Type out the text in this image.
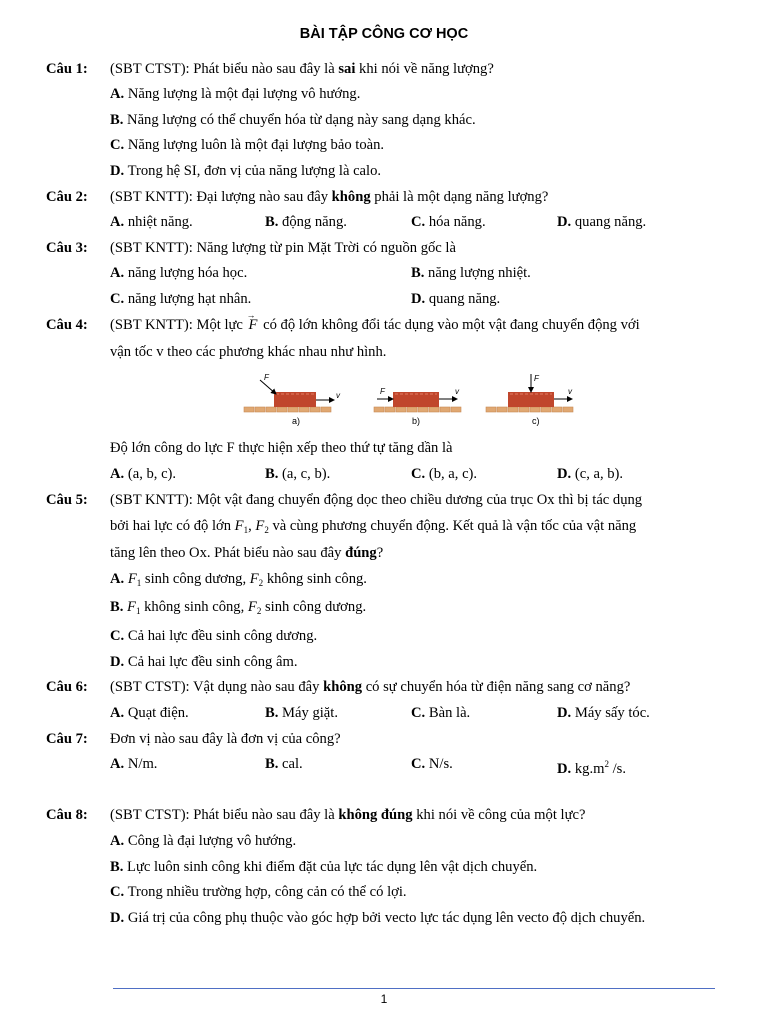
BÀI TẬP CÔNG CƠ HỌC
Câu 1: (SBT CTST): Phát biểu nào sau đây là sai khi nói về năng lượng?
A. Năng lượng là một đại lượng vô hướng.
B. Năng lượng có thể chuyển hóa từ dạng này sang dạng khác.
C. Năng lượng luôn là một đại lượng bảo toàn.
D. Trong hệ SI, đơn vị của năng lượng là calo.
Câu 2: (SBT KNTT): Đại lượng nào sau đây không phải là một dạng năng lượng?
A. nhiệt năng.	B. động năng.	C. hóa năng.	D. quang năng.
Câu 3: (SBT KNTT): Năng lượng từ pin Mặt Trời có nguồn gốc là
A. năng lượng hóa học.	B. năng lượng nhiệt.
C. năng lượng hạt nhân.	D. quang năng.
Câu 4: (SBT KNTT): Một lực → F có độ lớn không đổi tác dụng vào một vật đang chuyển động với
vận tốc v theo các phương khác nhau như hình.
F
v
a)
F	v
b)
F
v
c)
Độ lớn công do lực F thực hiện xếp theo thứ tự tăng dần là
A. (a, b, c).	B. (a, c, b).	C. (b, a, c).	D. (c, a, b).
Câu 5: (SBT KNTT): Một vật đang chuyển động dọc theo chiều dương của trục Ox thì bị tác dụng
bởi hai lực có độ lớn $F_1$, $F_2$ và cùng phương chuyển động. Kết quả là vận tốc của vật năng
tăng lên theo Ox. Phát biểu nào sau đây đúng?
A. $F_1$ sinh công dương, $F_2$ không sinh công.
B. $F_1$ không sinh công, $F_2$ sinh công dương.
C. Cả hai lực đều sinh công dương.
D. Cả hai lực đều sinh công âm.
Câu 6: (SBT CTST): Vật dụng nào sau đây không có sự chuyển hóa từ điện năng sang cơ năng?
A. Quạt điện.	B. Máy giặt.	C. Bàn là.	D. Máy sấy tóc.
Câu 7: Đơn vị nào sau đây là đơn vị của công?
A. N/m.	B. cal.	C. N/s.	D. $kg.m^2$ /s.
Câu 8: (SBT CTST): Phát biểu nào sau đây là không đúng khi nói về công của một lực?
A. Công là đại lượng vô hướng.
B. Lực luôn sinh công khi điểm đặt của lực tác dụng lên vật dịch chuyển.
C. Trong nhiều trường hợp, công cản có thể có lợi.
D. Giá trị của công phụ thuộc vào góc hợp bởi vecto lực tác dụng lên vecto độ dịch chuyển.
1
